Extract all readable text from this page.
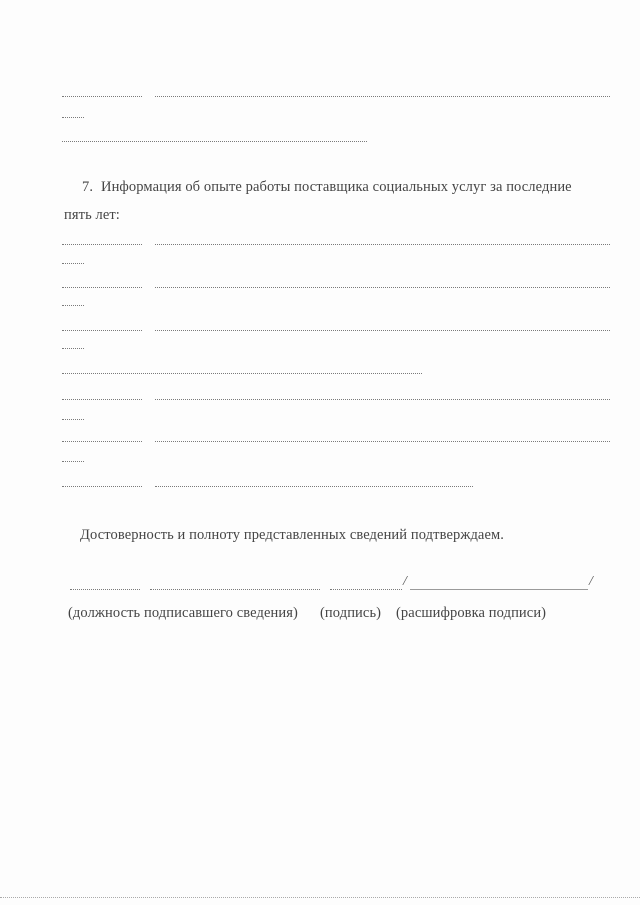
7. Информация об опыте работы поставщика социальных услуг за последние
пять лет:
Достоверность и полноту представленных сведений подтверждаем.
/	/
(должность подписавшего сведения) (подпись) (расшифровка подписи)
